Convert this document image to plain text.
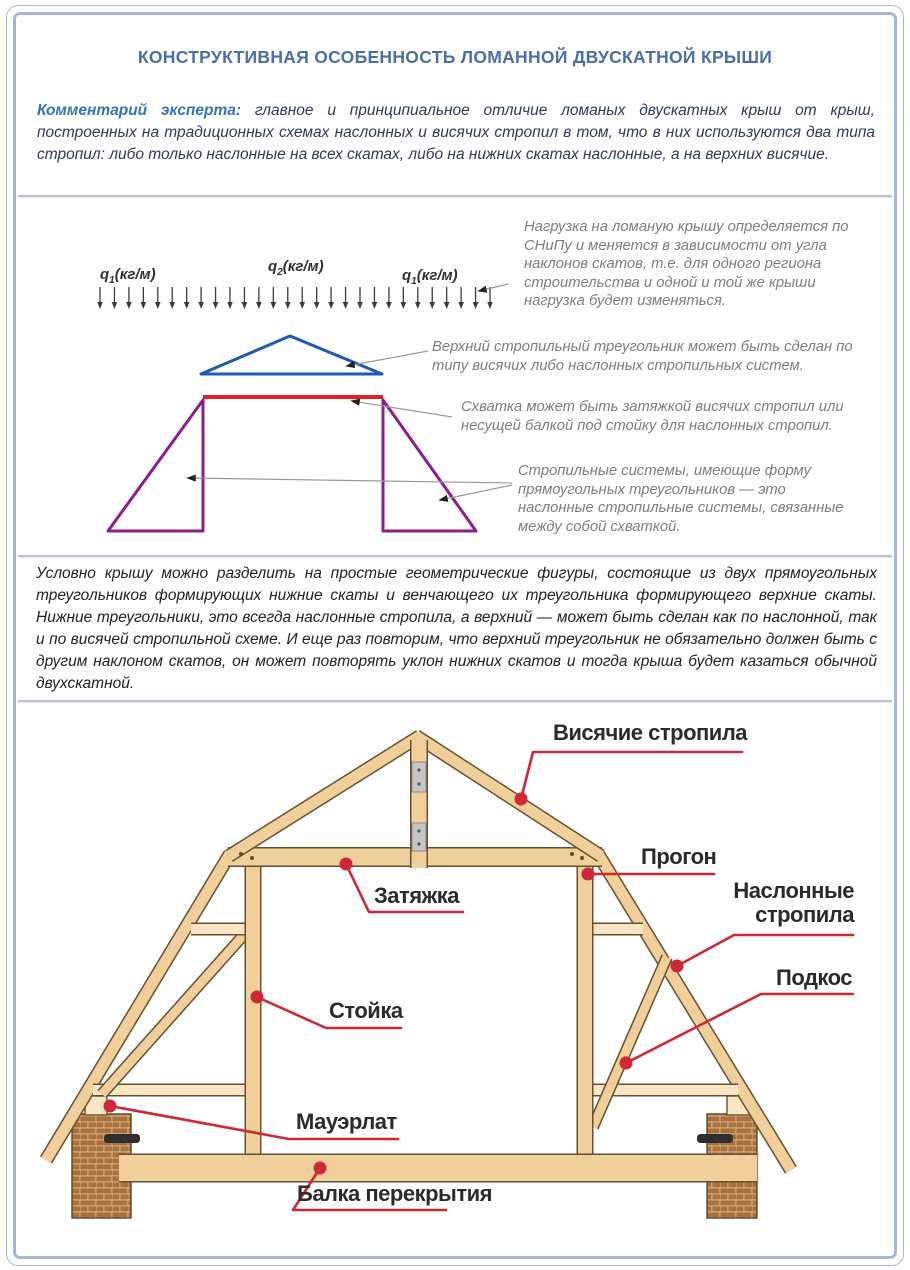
КОНСТРУКТИВНАЯ ОСОБЕННОСТЬ ЛОМАННОЙ ДВУСКАТНОЙ КРЫШИ
Комментарий эксперта: главное и принципиальное отличие ломаных двускатных крыш от крыш, построенных на традиционных схемах наслонных и висячих стропил в том, что в них используются два типа стропил: либо только наслонные на всех скатах, либо на нижних скатах наслонные, а на верхних висячие.
$q_1(кг/м)$	$q_2(кг/м)$
$q_1(кг/м)$
Нагрузка на ломаную крышу определяется по СНиПу и меняется в зависимости от угла наклонов скатов, т.е. для одного региона строительства и одной и той же крыши нагрузка будет изменяться.
Верхний стропильный треугольник может быть сделан по типу висячих либо наслонных стропильных систем.
Схватка может быть затяжкой висячих стропил или несущей балкой под стойку для наслонных стропил.
Стропильные системы, имеющие форму прямоугольных треугольников — это наслонные стропильные системы, связанные между собой схваткой.
Условно крышу можно разделить на простые геометрические фигуры, состоящие из двух прямоугольных треугольников формирующих нижние скаты и венчающего их треугольника формирующего верхние скаты. Нижние треугольники, это всегда наслонные стропила, а верхний — может быть сделан как по наслонной, так и по висячей стропильной схеме. И еще раз повторим, что верхний треугольник не обязательно должен быть с другим наклоном скатов, он может повторять уклон нижних скатов и тогда крыша будет казаться обычной двухскатной.
Висячие стропила
Прогон
Затяжка	Наслонные стропила
Подкос
Стойка
Мауэрлат
Балка перекрытия
